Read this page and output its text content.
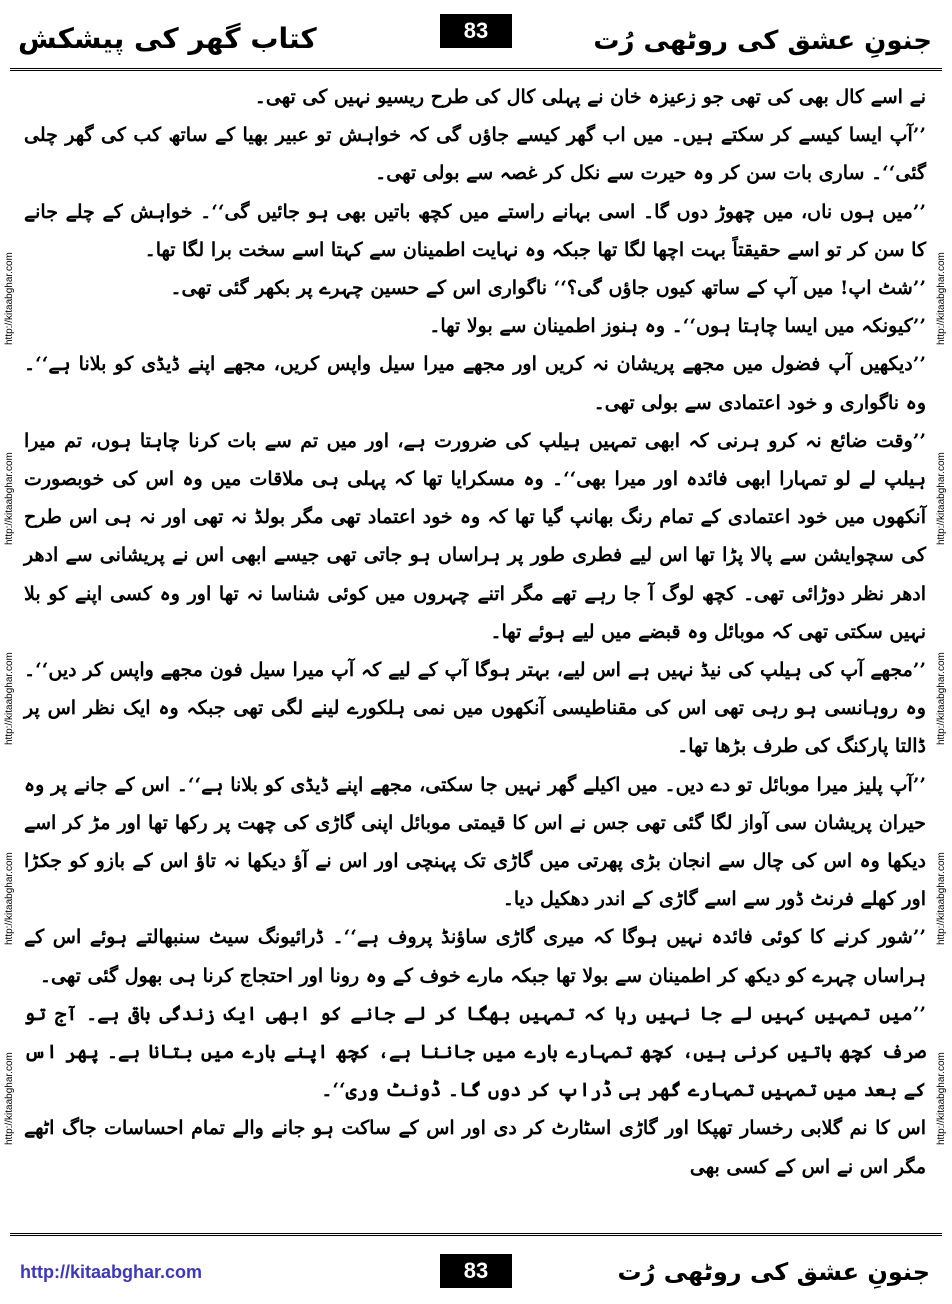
کتاب گھر کی پیشکش	83	جنونِ عشق کی روٹھی رُت
http://kitaabghar.com
http://kitaabghar.com
http://kitaabghar.com
http://kitaabghar.com
http://kitaabghar.com
http://kitaabghar.com
http://kitaabghar.com
http://kitaabghar.com
http://kitaabghar.com
http://kitaabghar.com

نے اسے کال بھی کی تھی جو زعیزہ خان نے پہلی کال کی طرح ریسیو نہیں کی تھی۔

’’آپ ایسا کیسے کر سکتے ہیں۔ میں اب گھر کیسے جاؤں گی کہ خواہش تو عبیر بھیا کے ساتھ کب کی گھر چلی گئی‘‘۔ ساری بات سن کر وہ حیرت سے نکل کر غصہ سے بولی تھی۔

’’میں ہوں ناں، میں چھوڑ دوں گا۔ اسی بہانے راستے میں کچھ باتیں بھی ہو جائیں گی‘‘۔ خواہش کے چلے جانے کا سن کر تو اسے حقیقتاً بہت اچھا لگا تھا جبکہ وہ نہایت اطمینان سے کہتا اسے سخت برا لگا تھا۔

’’شٹ اپ! میں آپ کے ساتھ کیوں جاؤں گی؟‘‘ ناگواری اس کے حسین چہرے پر بکھر گئی تھی۔

’’کیونکہ میں ایسا چاہتا ہوں‘‘۔ وہ ہنوز اطمینان سے بولا تھا۔

’’دیکھیں آپ فضول میں مجھے پریشان نہ کریں اور مجھے میرا سیل واپس کریں، مجھے اپنے ڈیڈی کو بلانا ہے‘‘۔ وہ ناگواری و خود اعتمادی سے بولی تھی۔

’’وقت ضائع نہ کرو ہرنی کہ ابھی تمہیں ہیلپ کی ضرورت ہے، اور میں تم سے بات کرنا چاہتا ہوں، تم میرا ہیلپ لے لو تمہارا ابھی فائدہ اور میرا بھی‘‘۔ وہ مسکرایا تھا کہ پہلی ہی ملاقات میں وہ اس کی خوبصورت آنکھوں میں خود اعتمادی کے تمام رنگ بھانپ گیا تھا کہ وہ خود اعتماد تھی مگر بولڈ نہ تھی اور نہ ہی اس طرح کی سچوایشن سے پالا پڑا تھا اس لیے فطری طور پر ہراساں ہو جاتی تھی جیسے ابھی اس نے پریشانی سے ادھر ادھر نظر دوڑائی تھی۔ کچھ لوگ آ جا رہے تھے مگر اتنے چہروں میں کوئی شناسا نہ تھا اور وہ کسی اپنے کو بلا نہیں سکتی تھی کہ موبائل وہ قبضے میں لیے ہوئے تھا۔

’’مجھے آپ کی ہیلپ کی نیڈ نہیں ہے اس لیے، بہتر ہوگا آپ کے لیے کہ آپ میرا سیل فون مجھے واپس کر دیں‘‘۔ وہ روہانسی ہو رہی تھی اس کی مقناطیسی آنکھوں میں نمی ہلکورے لینے لگی تھی جبکہ وہ ایک نظر اس پر ڈالتا پارکنگ کی طرف بڑھا تھا۔

’’آپ پلیز میرا موبائل تو دے دیں۔ میں اکیلے گھر نہیں جا سکتی، مجھے اپنے ڈیڈی کو بلانا ہے‘‘۔ اس کے جانے پر وہ حیران پریشان سی آواز لگا گئی تھی جس نے اس کا قیمتی موبائل اپنی گاڑی کی چھت پر رکھا تھا اور مڑ کر اسے دیکھا وہ اس کی چال سے انجان بڑی پھرتی میں گاڑی تک پہنچی اور اس نے آؤ دیکھا نہ تاؤ اس کے بازو کو جکڑا اور کھلے فرنٹ ڈور سے اسے گاڑی کے اندر دھکیل دیا۔

’’شور کرنے کا کوئی فائدہ نہیں ہوگا کہ میری گاڑی ساؤنڈ پروف ہے‘‘۔ ڈرائیونگ سیٹ سنبھالتے ہوئے اس کے ہراساں چہرے کو دیکھ کر اطمینان سے بولا تھا جبکہ مارے خوف کے وہ رونا اور احتجاج کرنا ہی بھول گئی تھی۔

’’میں تمہیں کہیں لے جا نہیں رہا کہ تمہیں بھگا کر لے جانے کو ابھی ایک زندگی باقی ہے۔ آج تو صرف کچھ باتیں کرنی ہیں، کچھ تمہارے بارے میں جاننا ہے، کچھ اپنے بارے میں بتانا ہے۔ پھر اس کے بعد میں تمہیں تمہارے گھر ہی ڈراپ کر دوں گا۔ ڈونٹ وری‘‘۔

اس کا نم گلابی رخسار تھپکا اور گاڑی اسٹارٹ کر دی اور اس کے ساکت ہو جانے والے تمام احساسات جاگ اٹھے مگر اس نے اس کے کسی بھی

http://kitaabghar.com	83	جنونِ عشق کی روٹھی رُت
